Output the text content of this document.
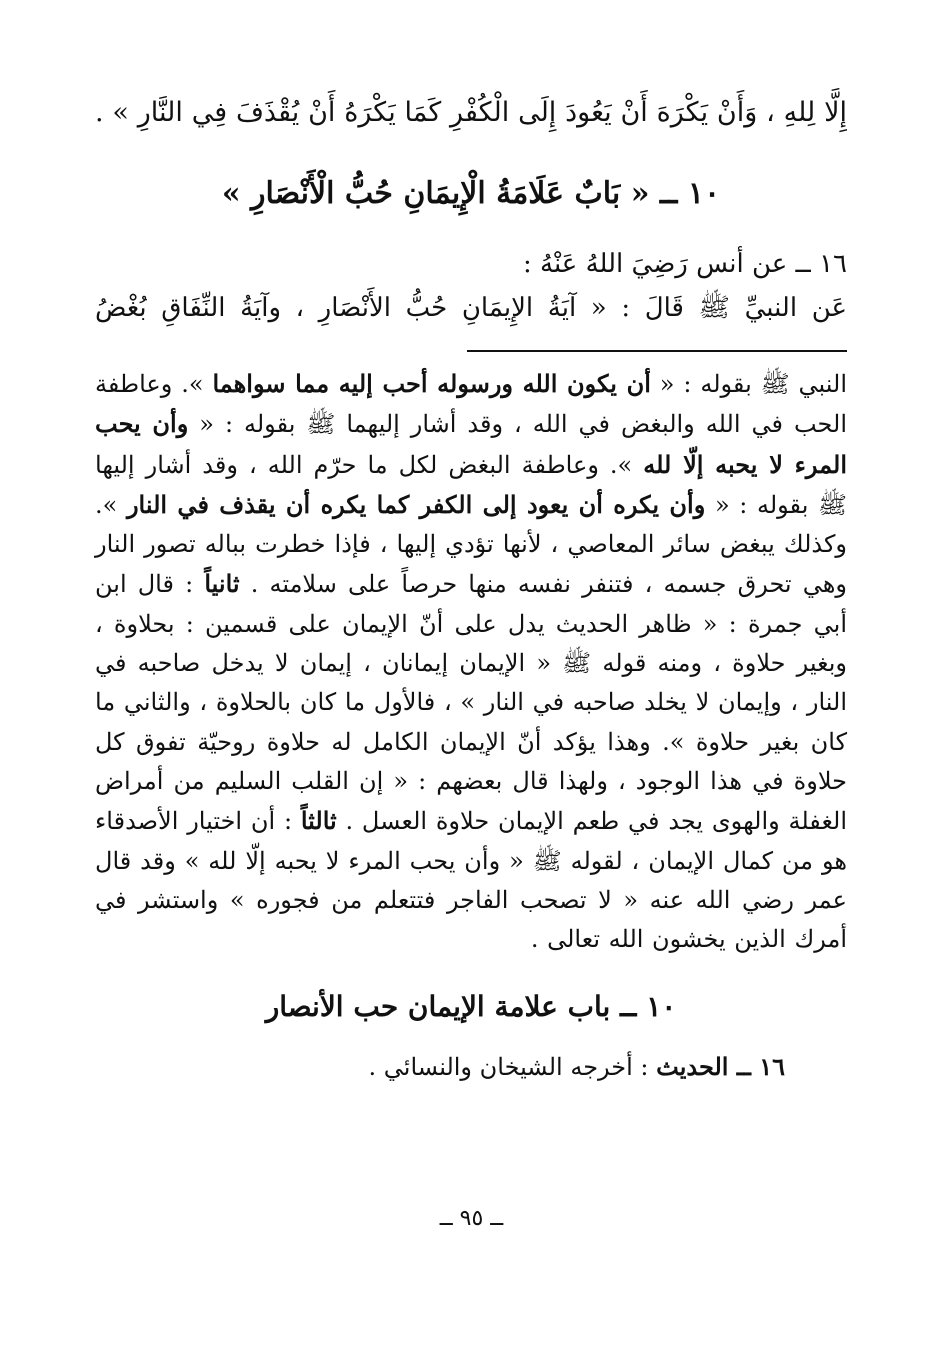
إِلَّا لِلهِ ، وَأَنْ يَكْرَهَ أَنْ يَعُودَ إِلَى الْكُفْرِ كَمَا يَكْرَهُ أَنْ يُقْذَفَ فِي النَّارِ » .
١٠ ــ « بَابٌ عَلَامَةُ الْإِيمَانِ حُبُّ الْأَنْصَارِ »
١٦ ــ عن أنس رَضِيَ اللهُ عَنْهُ :
عَن النبيِّ ﷺ قَالَ : « آيَةُ الإِيمَانِ حُبُّ الأَنْصَارِ ، وآيَةُ النِّفَاقِ بُغْضُ
النبي ﷺ بقوله : « أن يكون الله ورسوله أحب إليه مما سواهما ». وعاطفة الحب في الله والبغض في الله ، وقد أشار إليهما ﷺ بقوله : « وأن يحب المرء لا يحبه إلّا لله ». وعاطفة البغض لكل ما حرّم الله ، وقد أشار إليها ﷺ بقوله : « وأن يكره أن يعود إلى الكفر كما يكره أن يقذف في النار ». وكذلك يبغض سائر المعاصي ، لأنها تؤدي إليها ، فإذا خطرت بباله تصور النار وهي تحرق جسمه ، فتنفر نفسه منها حرصاً على سلامته . ثانياً : قال ابن أبي جمرة : « ظاهر الحديث يدل على أنّ الإيمان على قسمين : بحلاوة ، وبغير حلاوة ، ومنه قوله ﷺ « الإيمان إيمانان ، إيمان لا يدخل صاحبه في النار ، وإيمان لا يخلد صاحبه في النار » ، فالأول ما كان بالحلاوة ، والثاني ما كان بغير حلاوة ». وهذا يؤكد أنّ الإيمان الكامل له حلاوة روحيّة تفوق كل حلاوة في هذا الوجود ، ولهذا قال بعضهم : « إن القلب السليم من أمراض الغفلة والهوى يجد في طعم الإيمان حلاوة العسل . ثالثاً : أن اختيار الأصدقاء هو من كمال الإيمان ، لقوله ﷺ « وأن يحب المرء لا يحبه إلّا لله » وقد قال عمر رضي الله عنه « لا تصحب الفاجر فتتعلم من فجوره » واستشر في أمرك الذين يخشون الله تعالى .
١٠ ــ باب علامة الإيمان حب الأنصار
١٦ ــ الحديث : أخرجه الشيخان والنسائي .
ــ ٩٥ ــ
